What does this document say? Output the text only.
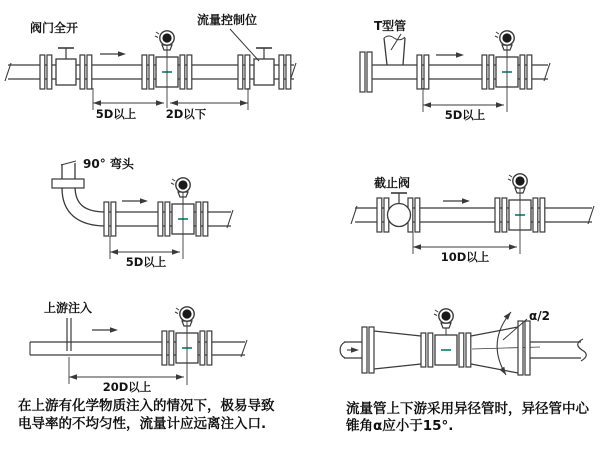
阀门全开
流量控制位
5D以上	2D以下
T型管
5D以上
90° 弯头
5D以上
截止阀
10D以上
上游注入
20D以上
在上游有化学物质注入的情况下，极易导致
电导率的不均匀性，流量计应远离注入口.
α/2
流量管上下游采用异径管时，异径管中心
锥角α应小于15°.
